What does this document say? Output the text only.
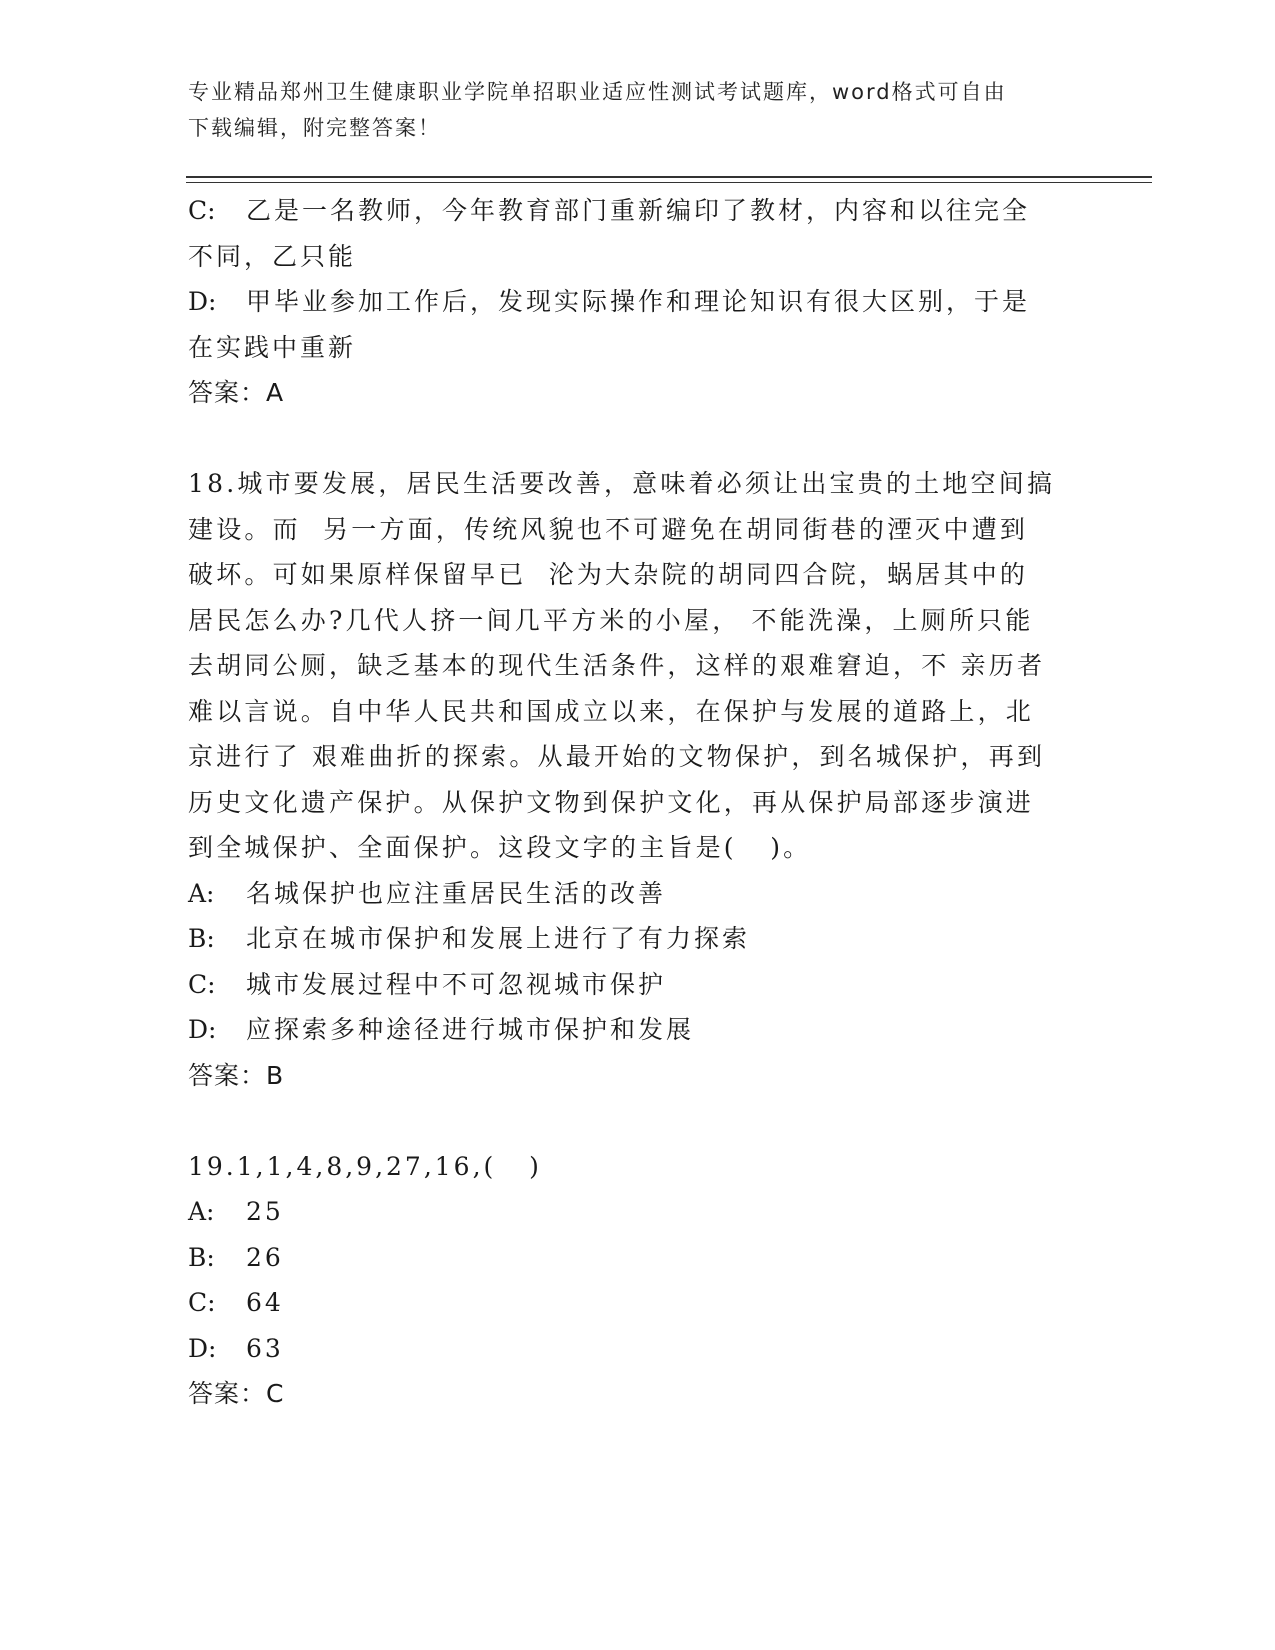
专业精品郑州卫生健康职业学院单招职业适应性测试考试题库，word格式可自由
下载编辑，附完整答案！
C: 乙是一名教师，今年教育部门重新编印了教材，内容和以往完全
不同，乙只能
D: 甲毕业参加工作后，发现实际操作和理论知识有很大区别，于是
在实践中重新
答案：A
18.城市要发展，居民生活要改善，意味着必须让出宝贵的土地空间搞
建设。而  另一方面，传统风貌也不可避免在胡同街巷的湮灭中遭到
破坏。可如果原样保留早已  沦为大杂院的胡同四合院，蜗居其中的
居民怎么办?几代人挤一间几平方米的小屋， 不能洗澡，上厕所只能
去胡同公厕，缺乏基本的现代生活条件，这样的艰难窘迫，不 亲历者
难以言说。自中华人民共和国成立以来，在保护与发展的道路上，北
京进行了 艰难曲折的探索。从最开始的文物保护，到名城保护，再到
历史文化遗产保护。从保护文物到保护文化，再从保护局部逐步演进
到全城保护、全面保护。这段文字的主旨是(   )。
A: 名城保护也应注重居民生活的改善
B: 北京在城市保护和发展上进行了有力探索
C: 城市发展过程中不可忽视城市保护
D: 应探索多种途径进行城市保护和发展
答案：B
19.1,1,4,8,9,27,16,(   )
A: 25
B: 26
C: 64
D: 63
答案：C
